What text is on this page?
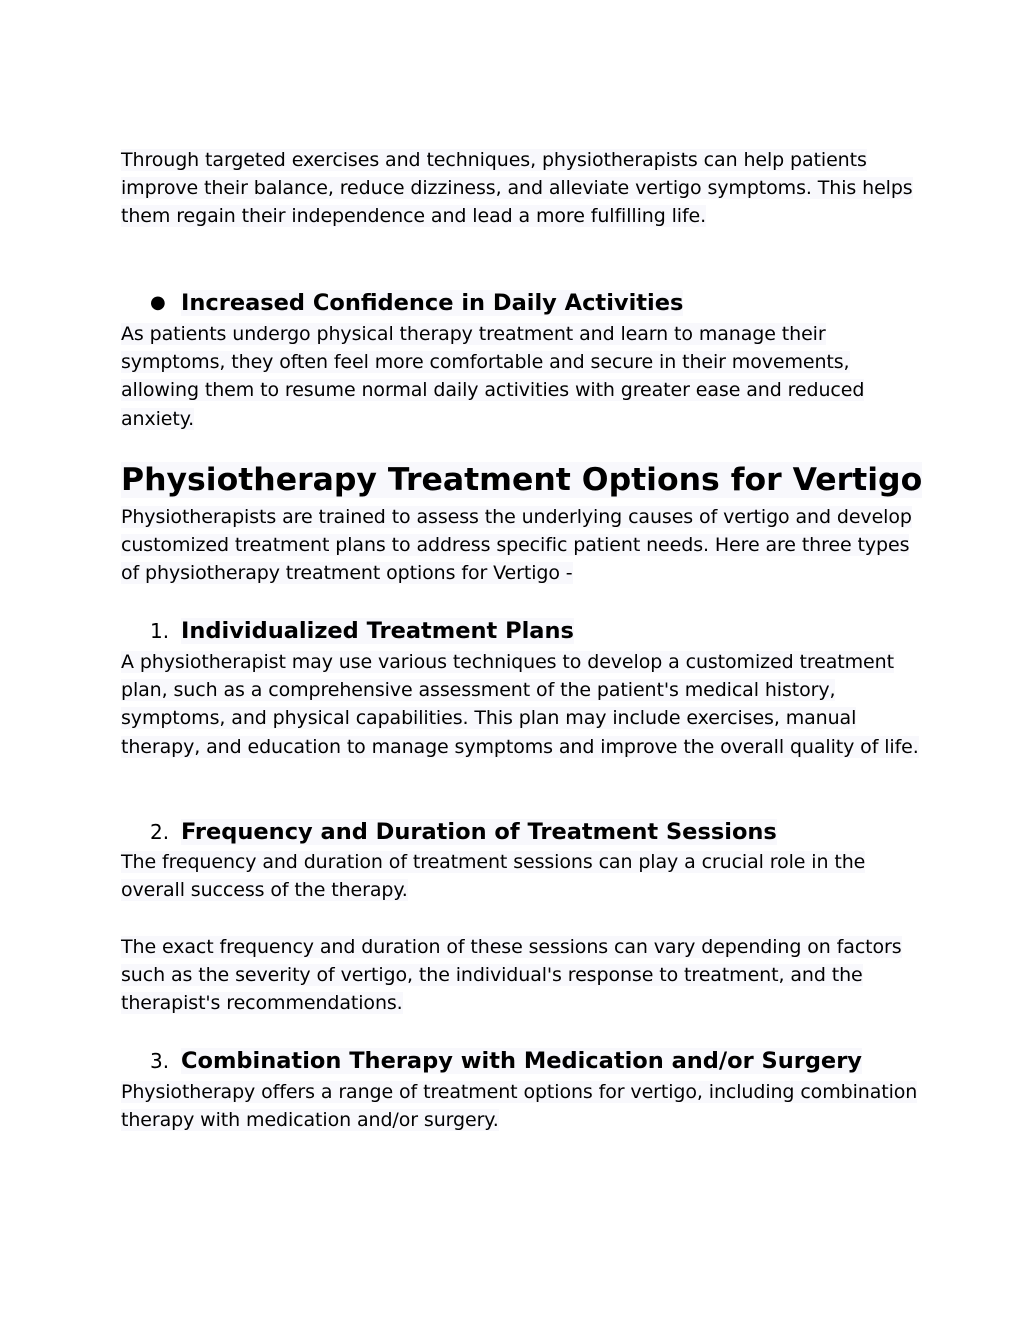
Through targeted exercises and techniques, physiotherapists can help patients improve their balance, reduce dizziness, and alleviate vertigo symptoms. This helps them regain their independence and lead a more fulfilling life.

● Increased Confidence in Daily Activities

As patients undergo physical therapy treatment and learn to manage their symptoms, they often feel more comfortable and secure in their movements, allowing them to resume normal daily activities with greater ease and reduced anxiety.

Physiotherapy Treatment Options for Vertigo

Physiotherapists are trained to assess the underlying causes of vertigo and develop customized treatment plans to address specific patient needs. Here are three types of physiotherapy treatment options for Vertigo -

1. Individualized Treatment Plans

A physiotherapist may use various techniques to develop a customized treatment plan, such as a comprehensive assessment of the patient's medical history, symptoms, and physical capabilities. This plan may include exercises, manual therapy, and education to manage symptoms and improve the overall quality of life.

2. Frequency and Duration of Treatment Sessions

The frequency and duration of treatment sessions can play a crucial role in the overall success of the therapy.

The exact frequency and duration of these sessions can vary depending on factors such as the severity of vertigo, the individual's response to treatment, and the therapist's recommendations.

3. Combination Therapy with Medication and/or Surgery

Physiotherapy offers a range of treatment options for vertigo, including combination therapy with medication and/or surgery.
